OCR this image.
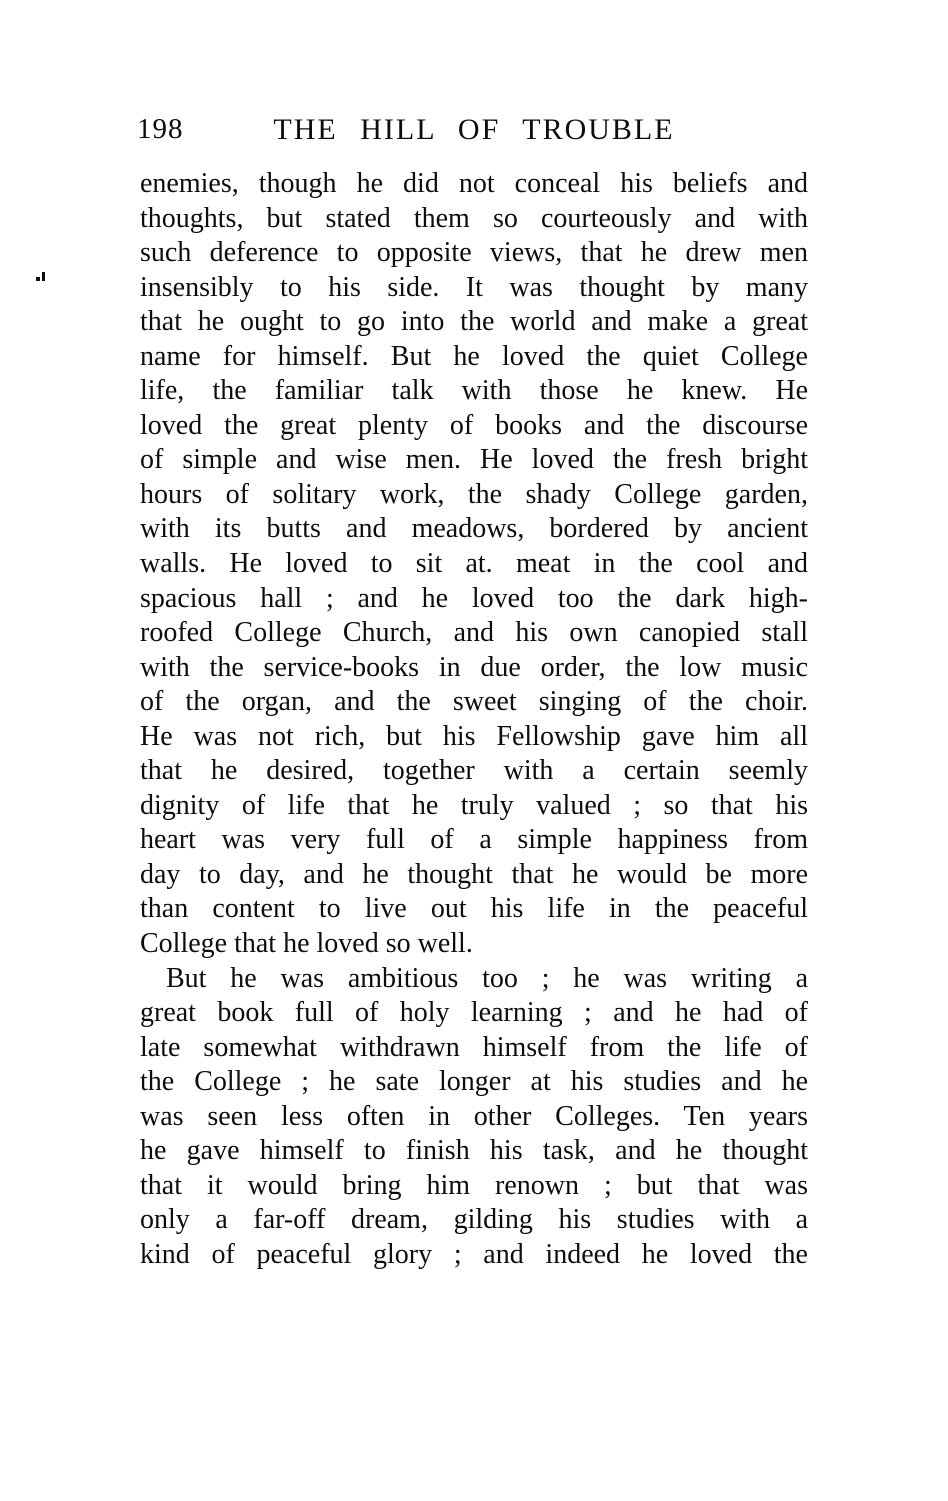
198	THE HILL OF TROUBLE
enemies, though he did not conceal his beliefs and
thoughts, but stated them so courteously and with
such deference to opposite views, that he drew men
insensibly to his side. It was thought by many
that he ought to go into the world and make a great
name for himself. But he loved the quiet College
life, the familiar talk with those he knew. He
loved the great plenty of books and the discourse
of simple and wise men. He loved the fresh bright
hours of solitary work, the shady College garden,
with its butts and meadows, bordered by ancient
walls. He loved to sit at. meat in the cool and
spacious hall ; and he loved too the dark high-
roofed College Church, and his own canopied stall
with the service-books in due order, the low music
of the organ, and the sweet singing of the choir.
He was not rich, but his Fellowship gave him all
that he desired, together with a certain seemly
dignity of life that he truly valued ; so that his
heart was very full of a simple happiness from
day to day, and he thought that he would be more
than content to live out his life in the peaceful
College that he loved so well.
But he was ambitious too ; he was writing a
great book full of holy learning ; and he had of
late somewhat withdrawn himself from the life of
the College ; he sate longer at his studies and he
was seen less often in other Colleges. Ten years
he gave himself to finish his task, and he thought
that it would bring him renown ; but that was
only a far-off dream, gilding his studies with a
kind of peaceful glory ; and indeed he loved the
